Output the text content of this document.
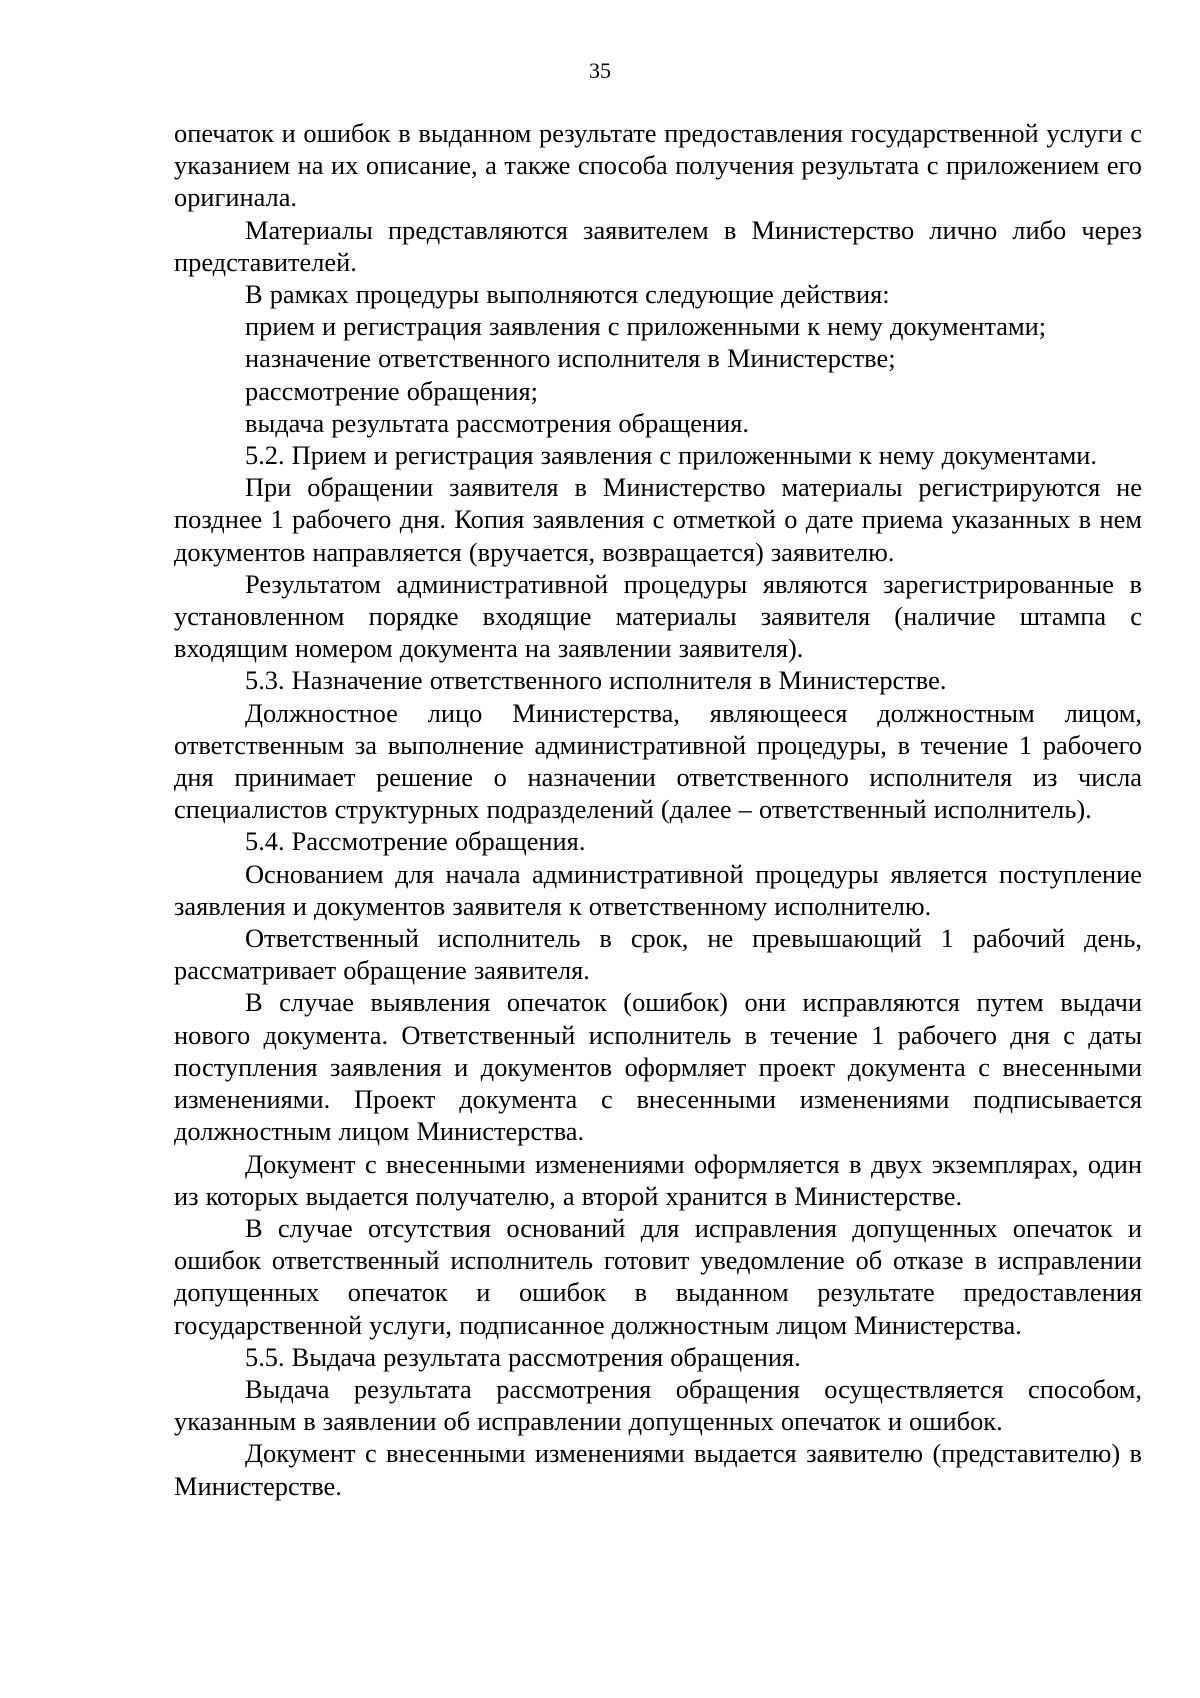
35

опечаток и ошибок в выданном результате предоставления государственной услуги с указанием на их описание, а также способа получения результата с приложением его оригинала.

Материалы представляются заявителем в Министерство лично либо через представителей.

В рамках процедуры выполняются следующие действия:

прием и регистрация заявления с приложенными к нему документами;

назначение ответственного исполнителя в Министерстве;

рассмотрение обращения;

выдача результата рассмотрения обращения.

5.2. Прием и регистрация заявления с приложенными к нему документами.

При обращении заявителя в Министерство материалы регистрируются не позднее 1 рабочего дня. Копия заявления с отметкой о дате приема указанных в нем документов направляется (вручается, возвращается) заявителю.

Результатом административной процедуры являются зарегистрированные в установленном порядке входящие материалы заявителя (наличие штампа с входящим номером документа на заявлении заявителя).

5.3. Назначение ответственного исполнителя в Министерстве.

Должностное лицо Министерства, являющееся должностным лицом, ответственным за выполнение административной процедуры, в течение 1 рабочего дня принимает решение о назначении ответственного исполнителя из числа специалистов структурных подразделений (далее – ответственный исполнитель).

5.4. Рассмотрение обращения.

Основанием для начала административной процедуры является поступление заявления и документов заявителя к ответственному исполнителю.

Ответственный исполнитель в срок, не превышающий 1 рабочий день, рассматривает обращение заявителя.

В случае выявления опечаток (ошибок) они исправляются путем выдачи нового документа. Ответственный исполнитель в течение 1 рабочего дня с даты поступления заявления и документов оформляет проект документа с внесенными изменениями. Проект документа с внесенными изменениями подписывается должностным лицом Министерства.

Документ с внесенными изменениями оформляется в двух экземплярах, один из которых выдается получателю, а второй хранится в Министерстве.

В случае отсутствия оснований для исправления допущенных опечаток и ошибок ответственный исполнитель готовит уведомление об отказе в исправлении допущенных опечаток и ошибок в выданном результате предоставления государственной услуги, подписанное должностным лицом Министерства.

5.5. Выдача результата рассмотрения обращения.

Выдача результата рассмотрения обращения осуществляется способом, указанным в заявлении об исправлении допущенных опечаток и ошибок.

Документ с внесенными изменениями выдается заявителю (представителю) в Министерстве.
